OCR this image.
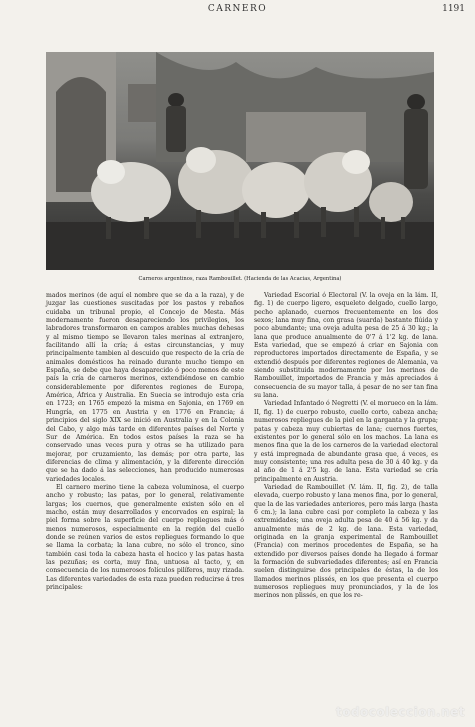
CARNERO	1191
Carneros argentinos, raza Rambouillet. (Hacienda de las Acacias, Argentina)

mados merinos (de aquí el nombre que se da a la raza), y de juzgar las cuestiones suscitadas por los pastos y rebaños cuidaba un tribunal propio, el Concejo de Mesta. Más modernamente fueron desapareciendo los privilegios, los labradores transformaron en campos arables muchas dehesas y al mismo tiempo se llevaron tales merinas al extranjero, facilitando allí la cría; á estas circunstancias, y muy principalmente tambien al descuido que respecto de la cría de animales domésticos ha reinado durante mucho tiempo en España, se debe que haya desaparecido ó poco menos de este país la cría de carneros merinos, extendiéndose en cambio considerablemente por diferentes regiones de Europa, América, África y Australia. En Suecia se introdujo esta cría en 1723; en 1765 empezó la misma en Sajonia, en 1769 en Hungría, en 1775 en Austria y en 1776 en Francia; á principios del siglo XIX se inició en Australia y en la Colonia del Cabo, y algo más tarde en diferentes países del Norte y Sur de América. En todos estos países la raza se ha conservado unas veces pura y otras se ha utilizado para mejorar, por cruzamiento, las demás; por otra parte, las diferencias de clima y alimentación, y la diferente dirección que se ha dado á las selecciones, han producido numerosas variedades locales.

El carnero merino tiene la cabeza voluminosa, el cuerpo ancho y robusto; las patas, por lo general, relativamente largas; los cuernos, que generalmente existen sólo en el macho, están muy desarrollados y encorvados en espiral; la piel forma sobre la superficie del cuerpo repliegues más ó menos numerosos, especialmente en la región del cuello donde se reúnen varios de estos repliegues formando lo que se llama la corbata; la lana cubre, no sólo el tronco, sino también casi toda la cabeza hasta el hocico y las patas hasta las pezuñas; es corta, muy fina, untuosa al tacto, y, en consecuencia de los numerosos folículos pilíferos, muy rizada. Las diferentes variedades de esta raza pueden reducirse á tres principales:

Variedad Escorial ó Electoral (V. la oveja en la lám. II, fig. 1) de cuerpo ligero, esqueleto delgado, cuello largo, pecho aplanado, cuernos frecuentemente en los dos sexos; lana muy fina, con grasa (suarda) bastante flúida y poco abundante; una oveja adulta pesa de 25 á 30 kg.; la lana que produce anualmente de 0'7 á 1'2 kg. de lana. Esta variedad, que se empezó á criar en Sajonia con reproductores importados directamente de España, y se extendió después por diferentes regiones de Alemania, va siendo substituida modernamente por los merinos de Rambouillet, importados de Francia y más apreciados á consecuencia de su mayor talla, á pesar de no ser tan fina su lana.

Variedad Infantado ó Negretti (V. el morueco en la lám. II, fig. 1) de cuerpo robusto, cuello corto, cabeza ancha; numerosos repliegues de la piel en la garganta y la grupa; patas y cabeza muy cubiertas de lana; cuernos fuertes, existentes por lo general sólo en los machos. La lana es menos fina que la de los carneros de la variedad electoral y está impregnada de abundante grasa que, á veces, es muy consistente; una res adulta pesa de 30 á 40 kg. y da al año de 1 á 2'5 kg. de lana. Esta variedad se cría principalmente en Austria.

Variedad de Rambouillet (V. lám. II, fig. 2), de talla elevada, cuerpo robusto y lana menos fina, por lo general, que la de las variedades anteriores, pero más larga (hasta 6 cm.); la lana cubre casi por completo la cabeza y las extremidades; una oveja adulta pesa de 40 á 56 kg. y da anualmente más de 2 kg. de lana. Esta variedad, originada en la granja experimental de Rambouillet (Francia) con merinos procedentes de España, se ha extendido por diversos países donde ha llegado á formar la formación de subvariedades diferentes; así en Francia suelen distinguirse dos principales de éstas, la de los llamados merinos plissés, en los que presenta el cuerpo numerosos repliegues muy pronunciados, y la de los merinos non plissés, en que los re-

todocoleccion.net
